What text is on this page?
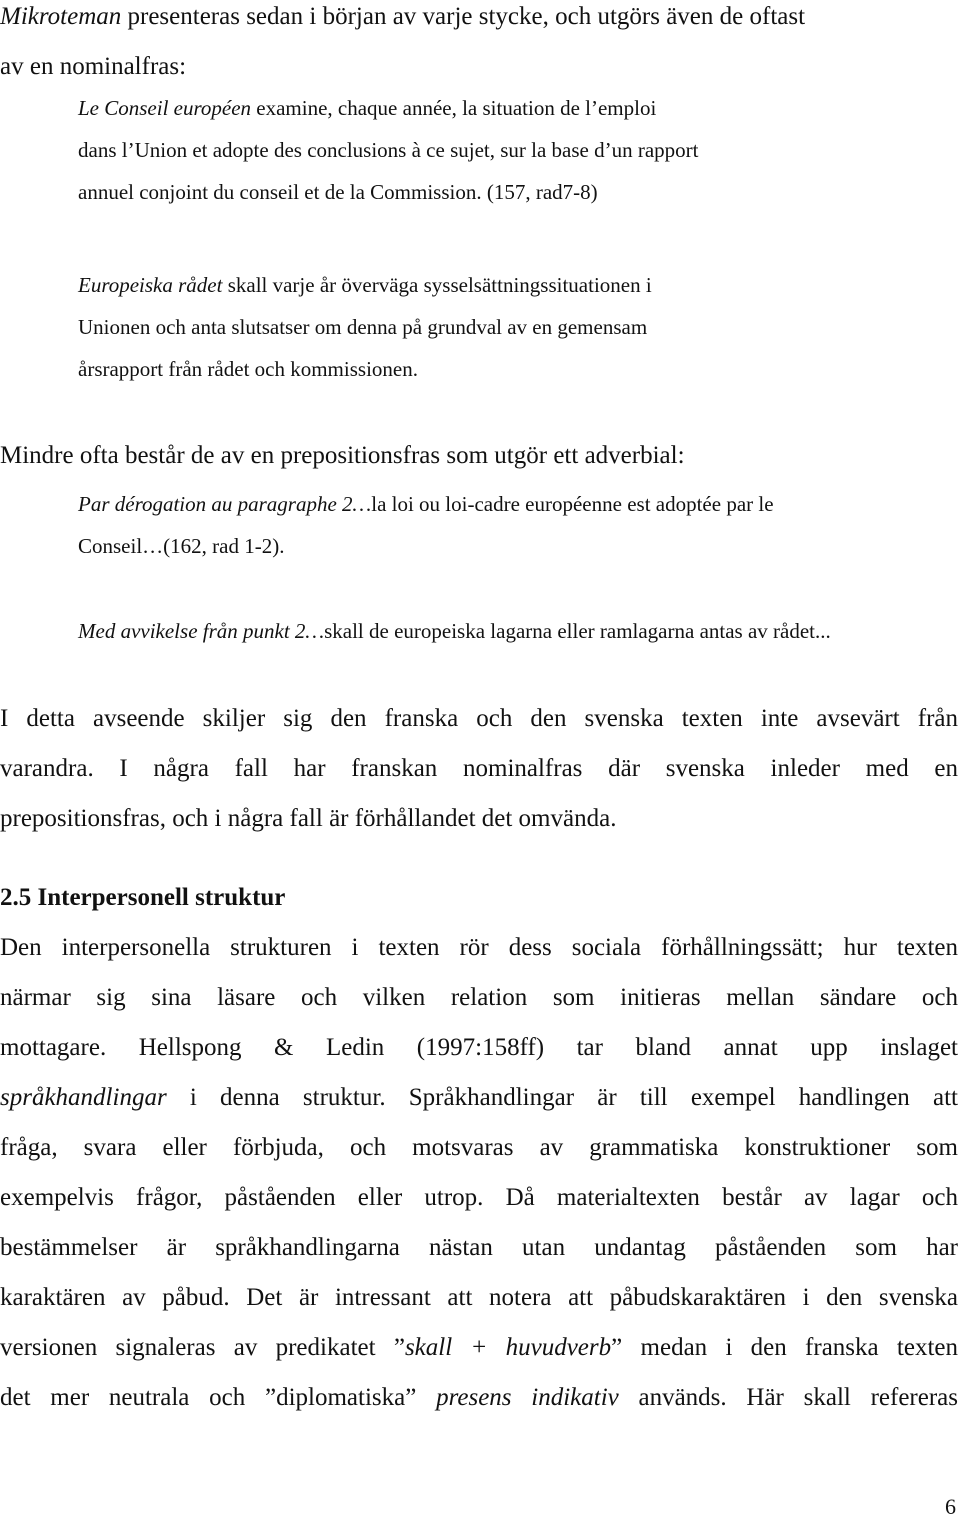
Mikroteman presenteras sedan i början av varje stycke, och utgörs även de oftast
av en nominalfras:
Le Conseil européen examine, chaque année, la situation de l’emploi
dans l’Union et adopte des conclusions à ce sujet, sur la base d’un rapport
annuel conjoint du conseil et de la Commission. (157, rad7-8)
Europeiska rådet skall varje år överväga sysselsättningssituationen i
Unionen och anta slutsatser om denna på grundval av en gemensam
årsrapport från rådet och kommissionen.
Mindre ofta består de av en prepositionsfras som utgör ett adverbial:
Par dérogation au paragraphe 2…la loi ou loi-cadre européenne est adoptée par le
Conseil…(162, rad 1-2).
Med avvikelse från punkt 2…skall de europeiska lagarna eller ramlagarna antas av rådet...
I detta avseende skiljer sig den franska och den svenska texten inte avsevärt från
varandra. I några fall har franskan nominalfras där svenska inleder med en
prepositionsfras, och i några fall är förhållandet det omvända.
2.5 Interpersonell struktur
Den interpersonella strukturen i texten rör dess sociala förhållningssätt; hur texten
närmar sig sina läsare och vilken relation som initieras mellan sändare och
mottagare. Hellspong & Ledin (1997:158ff) tar bland annat upp inslaget
språkhandlingar i denna struktur. Språkhandlingar är till exempel handlingen att
fråga, svara eller förbjuda, och motsvaras av grammatiska konstruktioner som
exempelvis frågor, påståenden eller utrop. Då materialtexten består av lagar och
bestämmelser är språkhandlingarna nästan utan undantag påståenden som har
karaktären av påbud. Det är intressant att notera att påbudskaraktären i den svenska
versionen signaleras av predikatet ”skall + huvudverb” medan i den franska texten
det mer neutrala och ”diplomatiska” presens indikativ används. Här skall refereras
6
